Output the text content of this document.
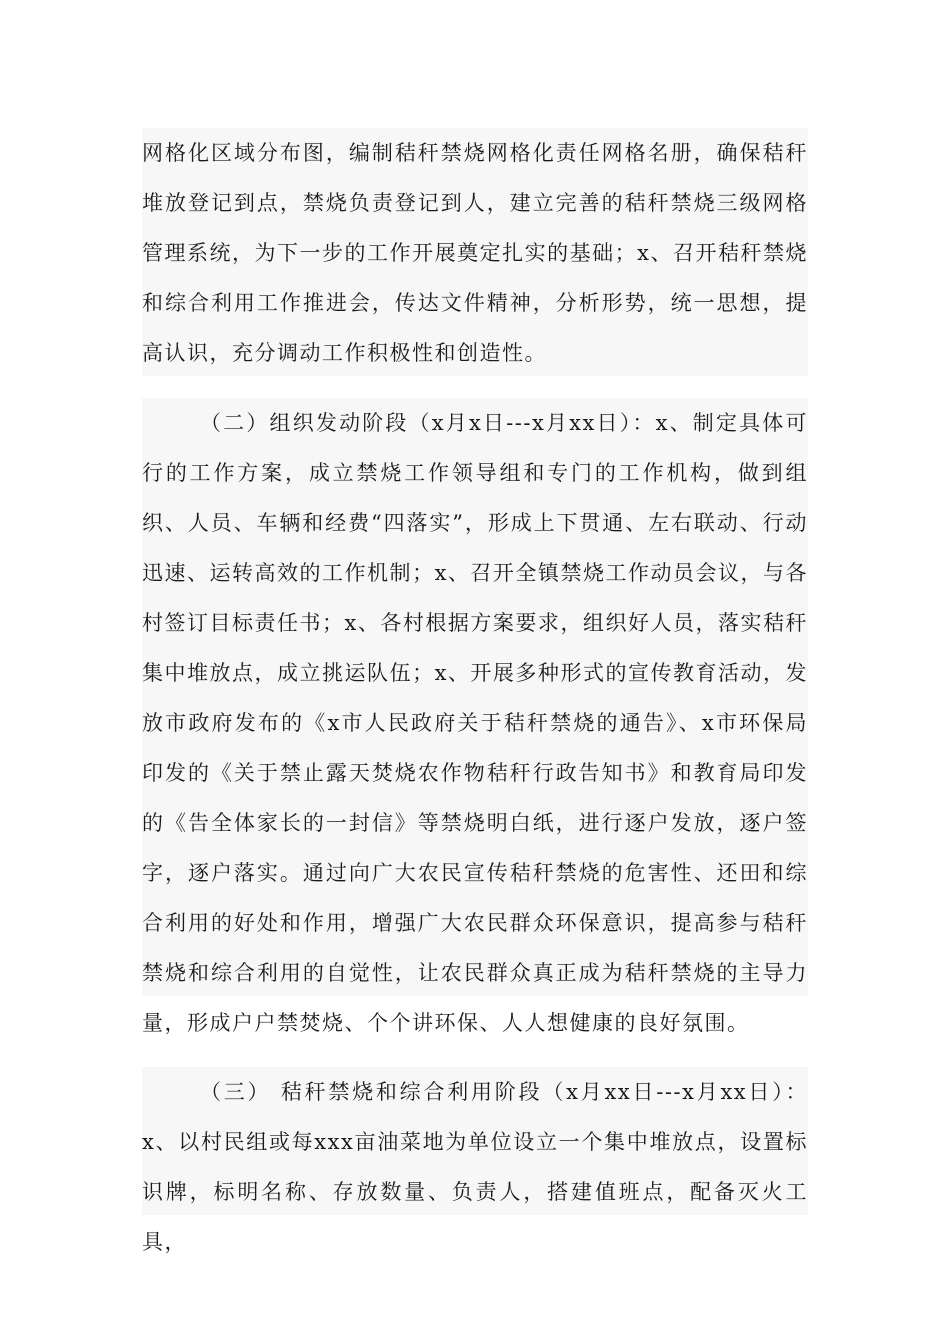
网格化区域分布图，编制秸秆禁烧网格化责任网格名册，确保秸秆堆放登记到点，禁烧负责登记到人，建立完善的秸秆禁烧三级网格管理系统，为下一步的工作开展奠定扎实的基础；x、召开秸秆禁烧和综合利用工作推进会，传达文件精神，分析形势，统一思想，提高认识，充分调动工作积极性和创造性。

（二）组织发动阶段（x月x日---x月xx日）：x、制定具体可行的工作方案，成立禁烧工作领导组和专门的工作机构，做到组织、人员、车辆和经费“四落实”，形成上下贯通、左右联动、行动迅速、运转高效的工作机制；x、召开全镇禁烧工作动员会议，与各村签订目标责任书；x、各村根据方案要求，组织好人员，落实秸秆集中堆放点，成立挑运队伍；x、开展多种形式的宣传教育活动，发放市政府发布的《x市人民政府关于秸秆禁烧的通告》、x市环保局印发的《关于禁止露天焚烧农作物秸秆行政告知书》和教育局印发的《告全体家长的一封信》等禁烧明白纸，进行逐户发放，逐户签字，逐户落实。通过向广大农民宣传秸秆禁烧的危害性、还田和综合利用的好处和作用，增强广大农民群众环保意识，提高参与秸秆禁烧和综合利用的自觉性，让农民群众真正成为秸秆禁烧的主导力量，形成户户禁焚烧、个个讲环保、人人想健康的良好氛围。

（三） 秸秆禁烧和综合利用阶段（x月xx日---x月xx日）：x、以村民组或每xxx亩油菜地为单位设立一个集中堆放点，设置标识牌，标明名称、存放数量、负责人，搭建值班点，配备灭火工具，
